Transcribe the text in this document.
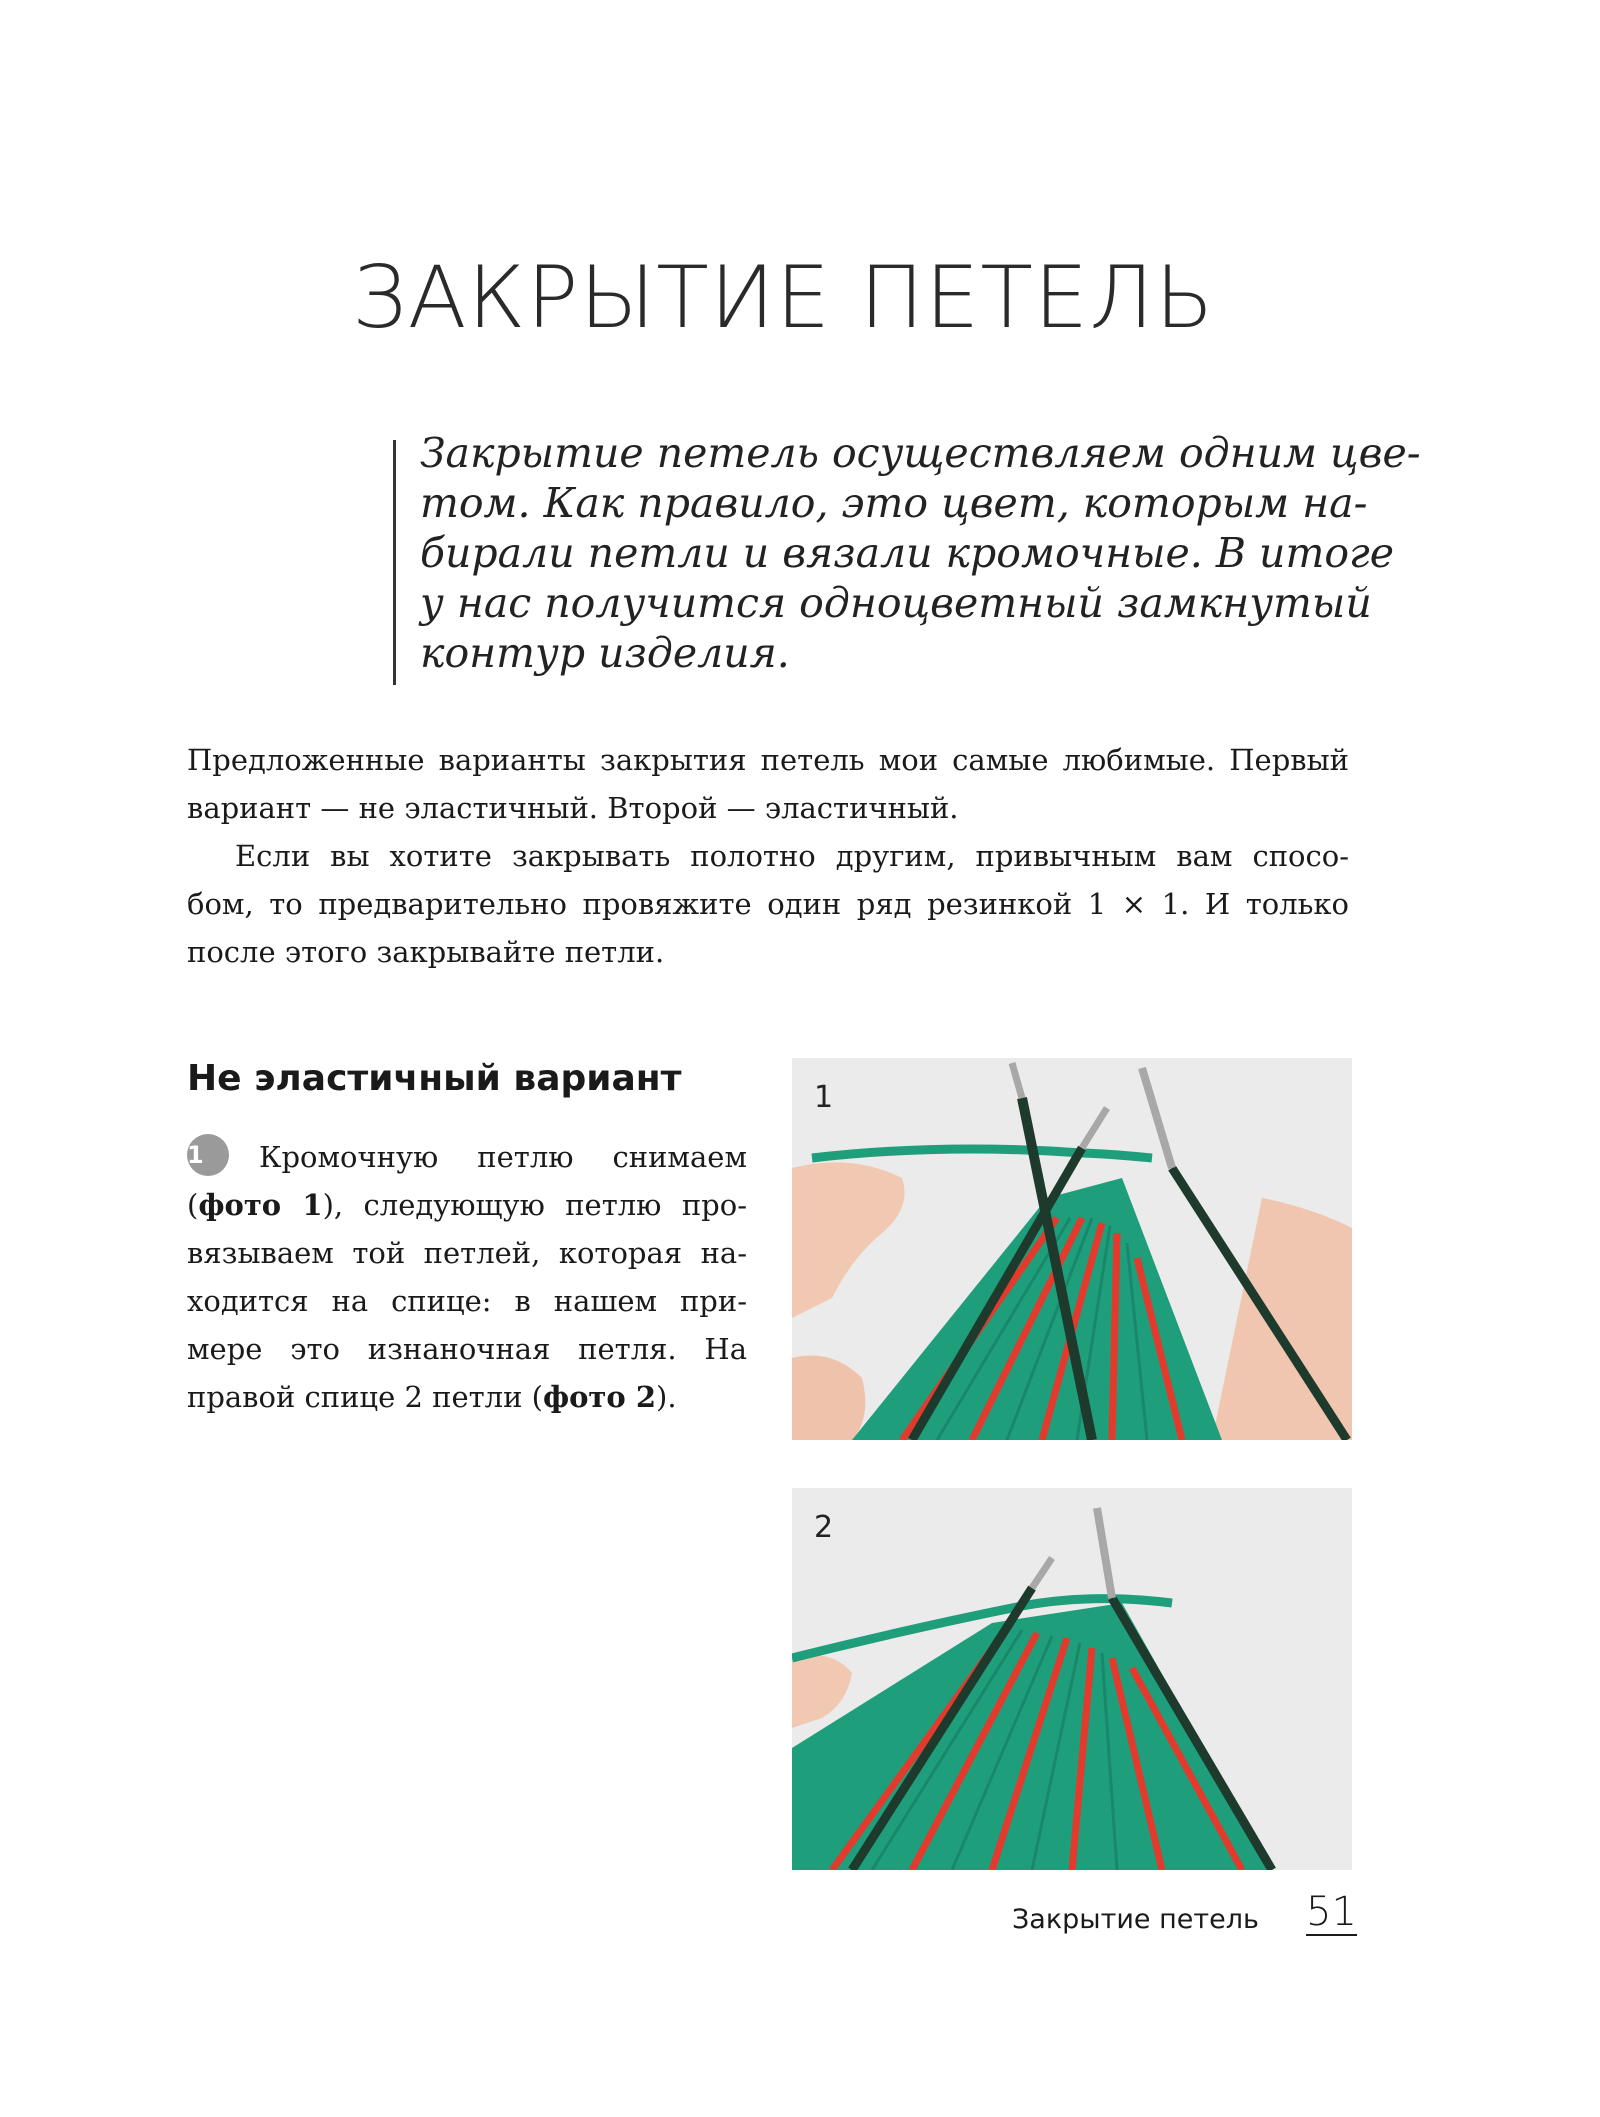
ЗАКРЫТИЕ ПЕТЕЛЬ

Закрытие петель осуществляем одним цве-
том. Как правило, это цвет, которым на-
бирали петли и вязали кромочные. В итоге
у нас получится одноцветный замкнутый
контур изделия.

Предложенные варианты закрытия петель мои самые любимые. Первый
вариант — не эластичный. Второй — эластичный.
Если вы хотите закрывать полотно другим, привычным вам спосо-
бом, то предварительно провяжите один ряд резинкой 1 × 1. И только
после этого закрывайте петли.
Не эластичный вариант
1 Кромочную петлю снимаем
(фото 1), следующую петлю про-
вязываем той петлей, которая на-
ходится на спице: в нашем при-
мере это изнаночная петля. На
правой спице 2 петли (фото 2).
1
2
Закрытие петель 51
